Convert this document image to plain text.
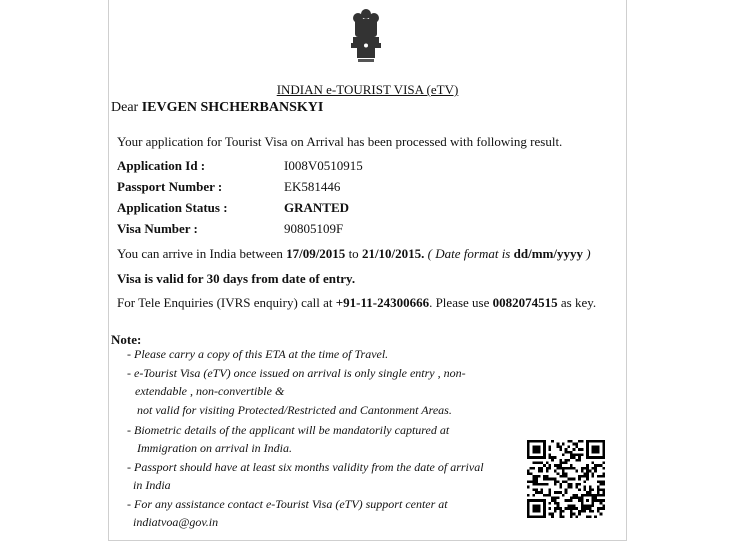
INDIAN e-TOURIST VISA (eTV)
Dear IEVGEN SHCHERBANSKYI
Your application for Tourist Visa on Arrival has been processed with following result.
Application Id :	I008V0510915
Passport Number :	EK581446
Application Status :	GRANTED
Visa Number :	90805109F
You can arrive in India between 17/09/2015 to 21/10/2015. ( Date format is dd/mm/yyyy )
Visa is valid for 30 days from date of entry.
For Tele Enquiries (IVRS enquiry) call at +91-11-24300666. Please use 0082074515 as key.
Note:
- Please carry a copy of this ETA at the time of Travel.
- e-Tourist Visa (eTV) once issued on arrival is only single entry , non-
extendable , non-convertible &
not valid for visiting Protected/Restricted and Cantonment Areas.
- Biometric details of the applicant will be mandatorily captured at
Immigration on arrival in India.
- Passport should have at least six months validity from the date of arrival
in India
- For any assistance contact e-Tourist Visa (eTV) support center at
indiatvoa@gov.in
